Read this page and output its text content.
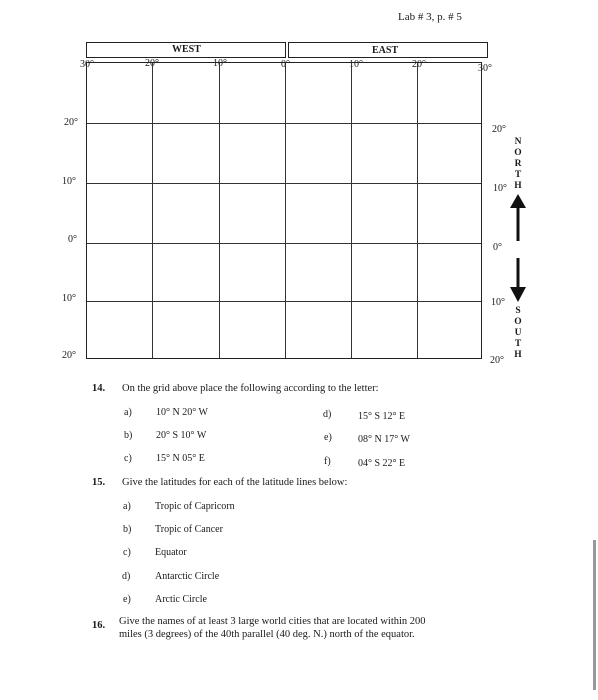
Lab # 3, p. # 5
WEST	EAST
30°	20°	10°	0°	10°	20°	30°
20°
10°
0°
10°
20°
20°
10°
0°
10°
20°
N
O
R
T
H
S
O
U
T
H
14. On the grid above place the following according to the letter:
a) 10° N 20° W
b) 20° S 10° W
c) 15° N 05° E
d)	15° S 12° E
e)	08° N 17° W
f)	04° S 22° E
15. Give the latitudes for each of the latitude lines below:
a) Tropic of Capricorn
b) Tropic of Cancer
c) Equator
d) Antarctic Circle
e) Arctic Circle
16. Give the names of at least 3 large world cities that are located within 200
miles (3 degrees) of the 40th parallel (40 deg. N.) north of the equator.
